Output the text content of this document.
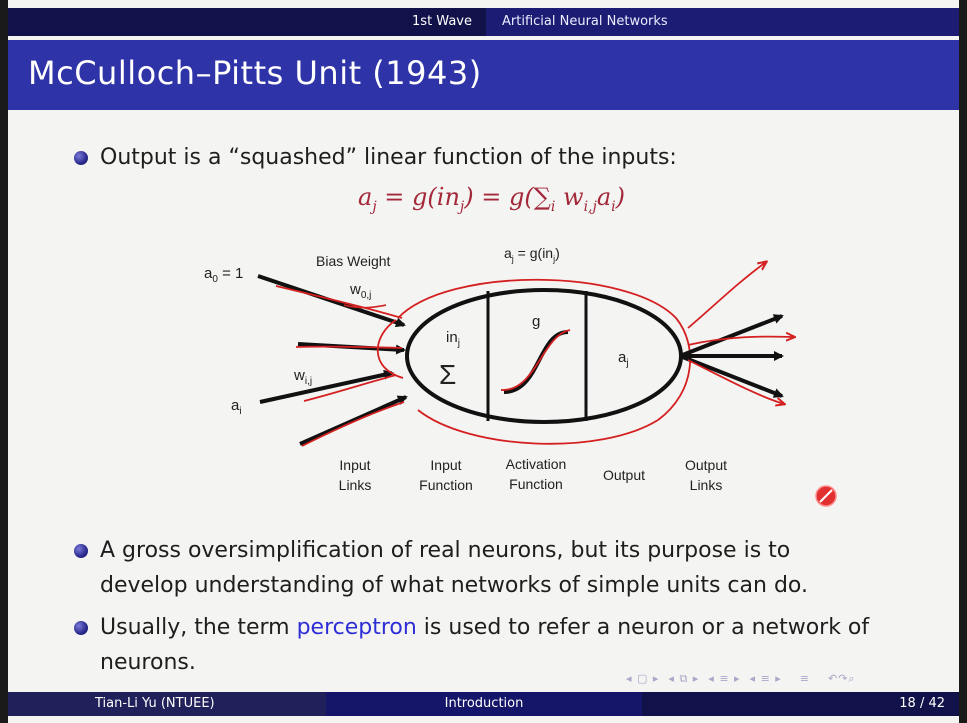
1st Wave	Artificial Neural Networks
McCulloch–Pitts Unit (1943)
Output is a “squashed” linear function of the inputs:
$a_j = g(in_j) = g(\sum_i$ $w_{i,j}a_i$)
$a_0 = 1$
Bias Weight
$w_{0,j}$
$w_{i,j}$
$a_i$
$a_j = g(in_j)$
$in_j$
Σ
g
$a_j$
Input
Links
Input
Function
Activation
Function
Output
Output
Links
A gross oversimplification of real neurons, but its purpose is to
develop understanding of what networks of simple units can do.
Usually, the term perceptron is used to refer a neuron or a network of
neurons.
◂ ▢ ▸  ◂ ⧉ ▸  ◂ ≡ ▸  ◂ ≡ ▸    ≡    ↶↷⌕
Tian-Li Yu (NTUEE)	Introduction	18 / 42
